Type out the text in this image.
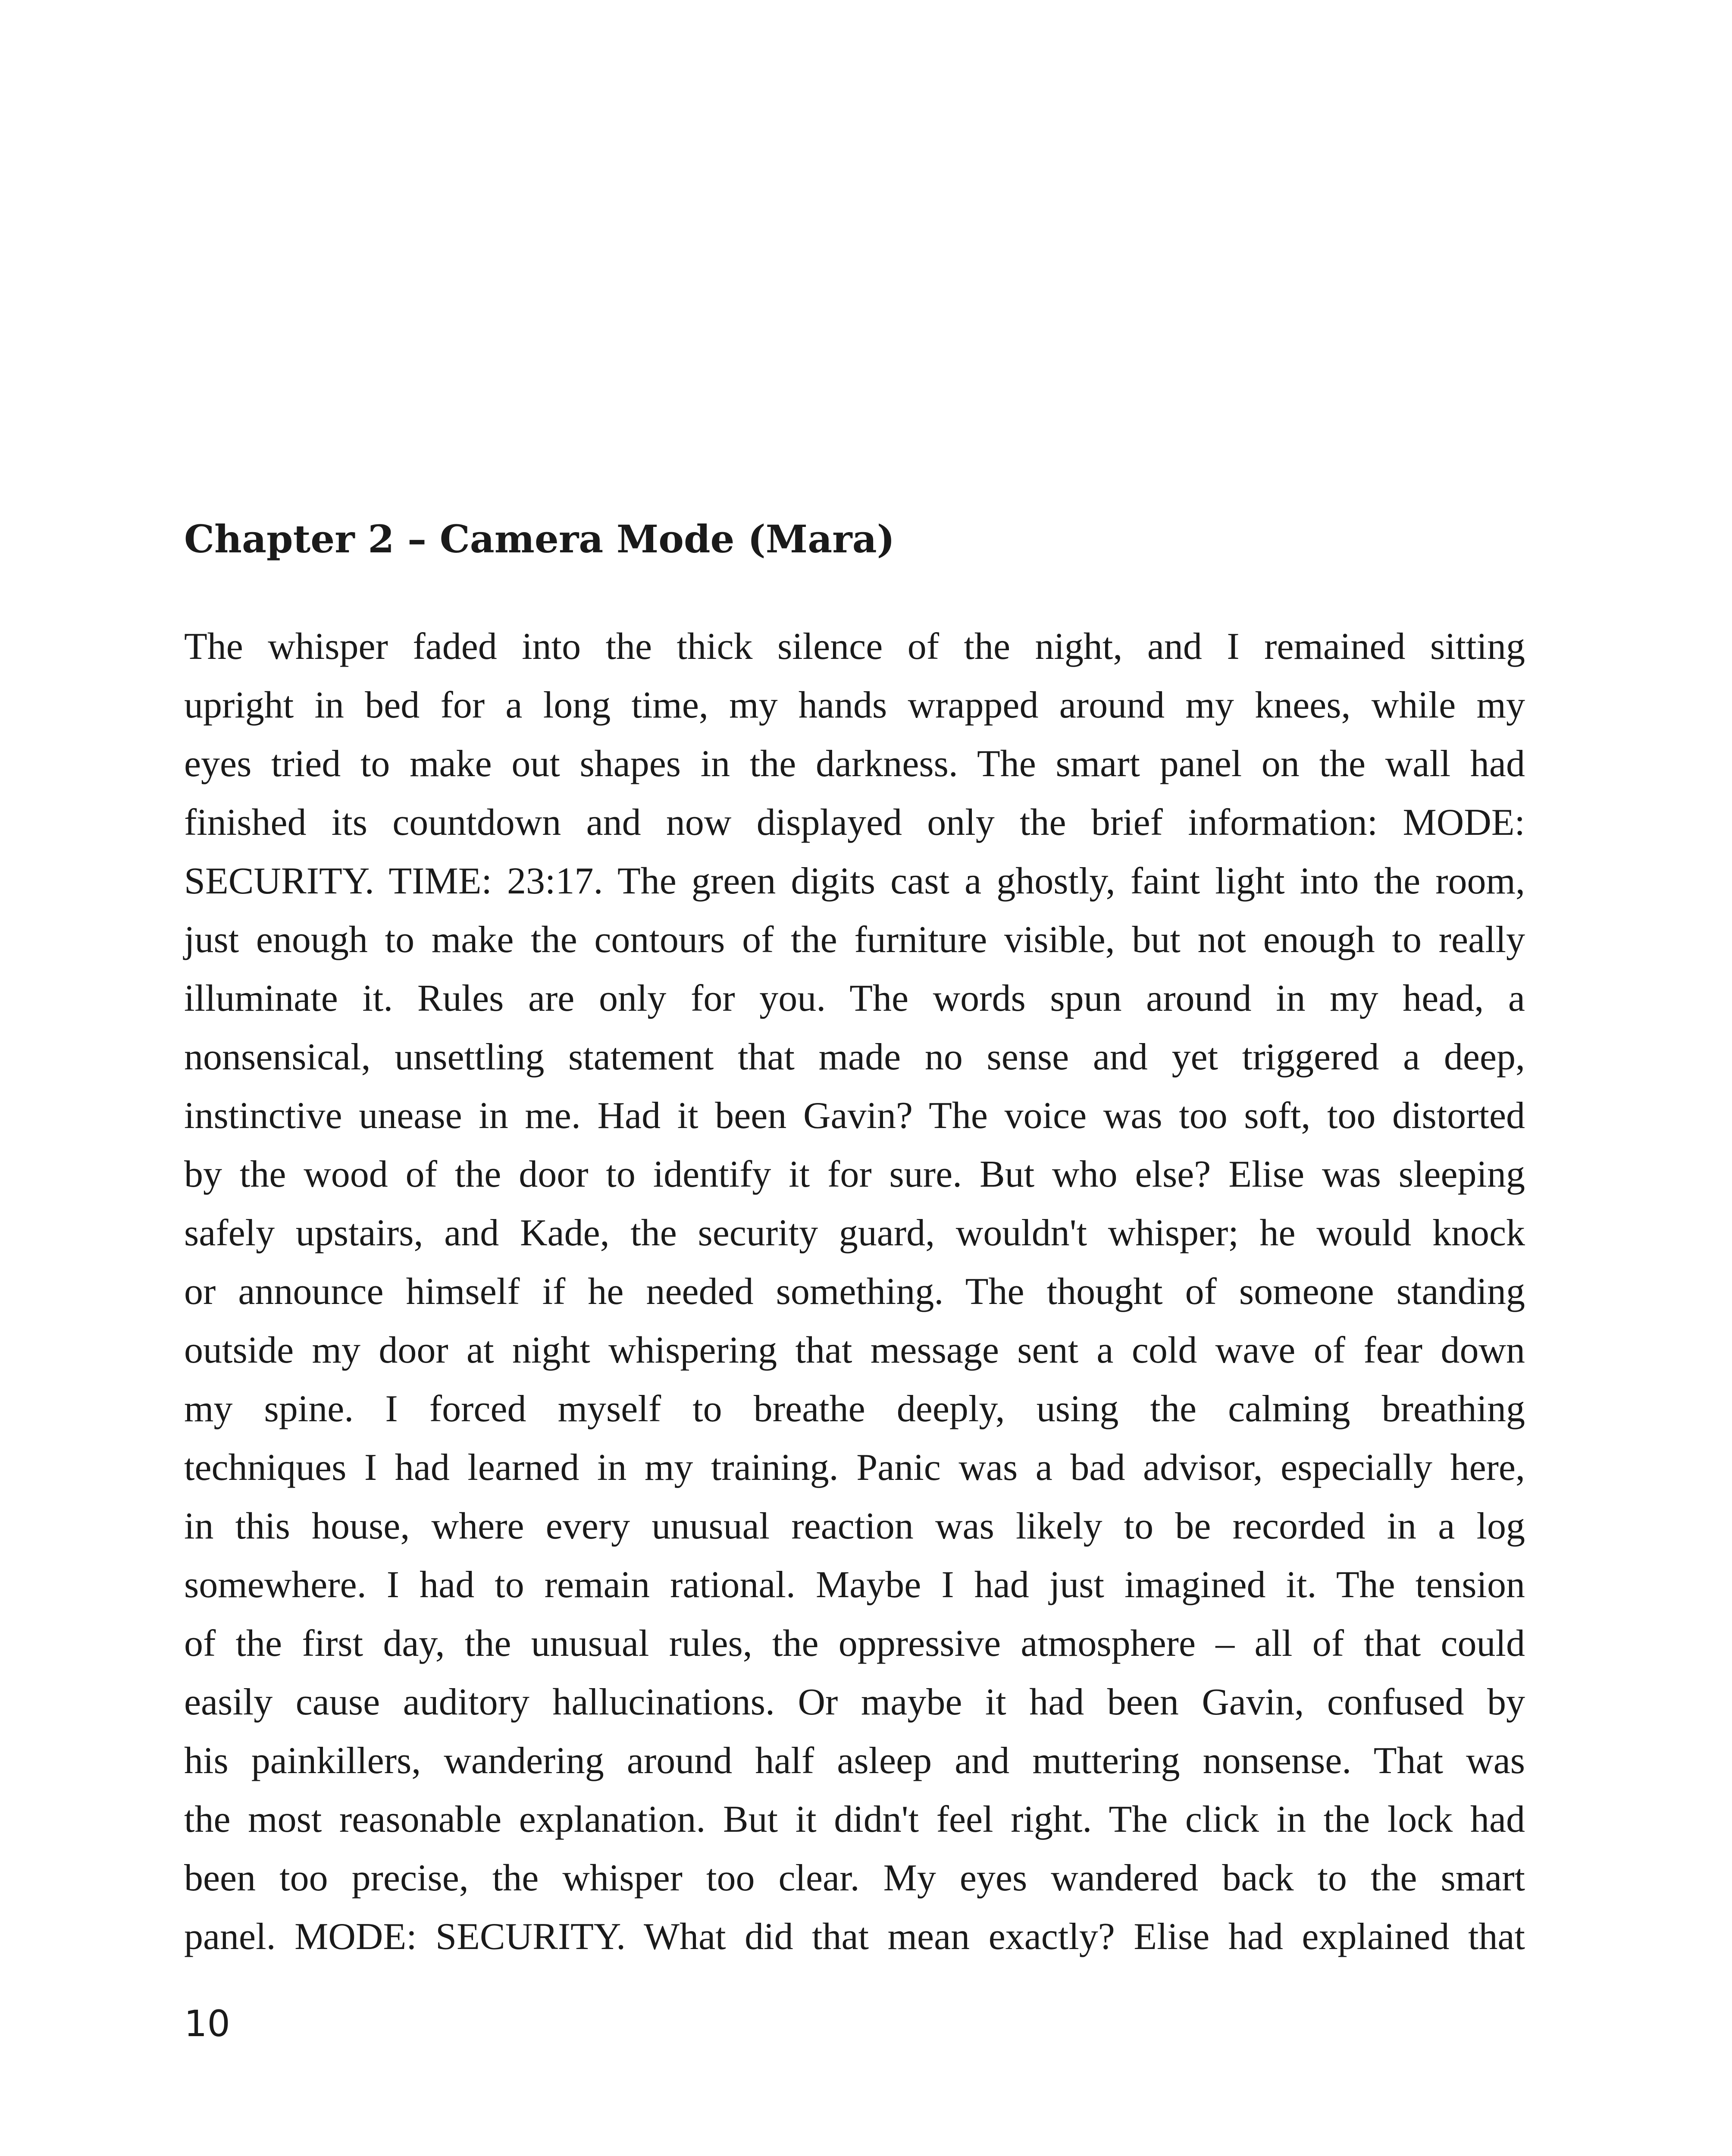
Chapter 2 – Camera Mode (Mara)
The whisper faded into the thick silence of the night, and I remained sitting
upright in bed for a long time, my hands wrapped around my knees, while my
eyes tried to make out shapes in the darkness. The smart panel on the wall had
finished its countdown and now displayed only the brief information: MODE:
SECURITY. TIME: 23:17. The green digits cast a ghostly, faint light into the room,
just enough to make the contours of the furniture visible, but not enough to really
illuminate it. Rules are only for you. The words spun around in my head, a
nonsensical, unsettling statement that made no sense and yet triggered a deep,
instinctive unease in me. Had it been Gavin? The voice was too soft, too distorted
by the wood of the door to identify it for sure. But who else? Elise was sleeping
safely upstairs, and Kade, the security guard, wouldn't whisper; he would knock
or announce himself if he needed something. The thought of someone standing
outside my door at night whispering that message sent a cold wave of fear down
my spine. I forced myself to breathe deeply, using the calming breathing
techniques I had learned in my training. Panic was a bad advisor, especially here,
in this house, where every unusual reaction was likely to be recorded in a log
somewhere. I had to remain rational. Maybe I had just imagined it. The tension
of the first day, the unusual rules, the oppressive atmosphere – all of that could
easily cause auditory hallucinations. Or maybe it had been Gavin, confused by
his painkillers, wandering around half asleep and muttering nonsense. That was
the most reasonable explanation. But it didn't feel right. The click in the lock had
been too precise, the whisper too clear. My eyes wandered back to the smart
panel. MODE: SECURITY. What did that mean exactly? Elise had explained that
10
